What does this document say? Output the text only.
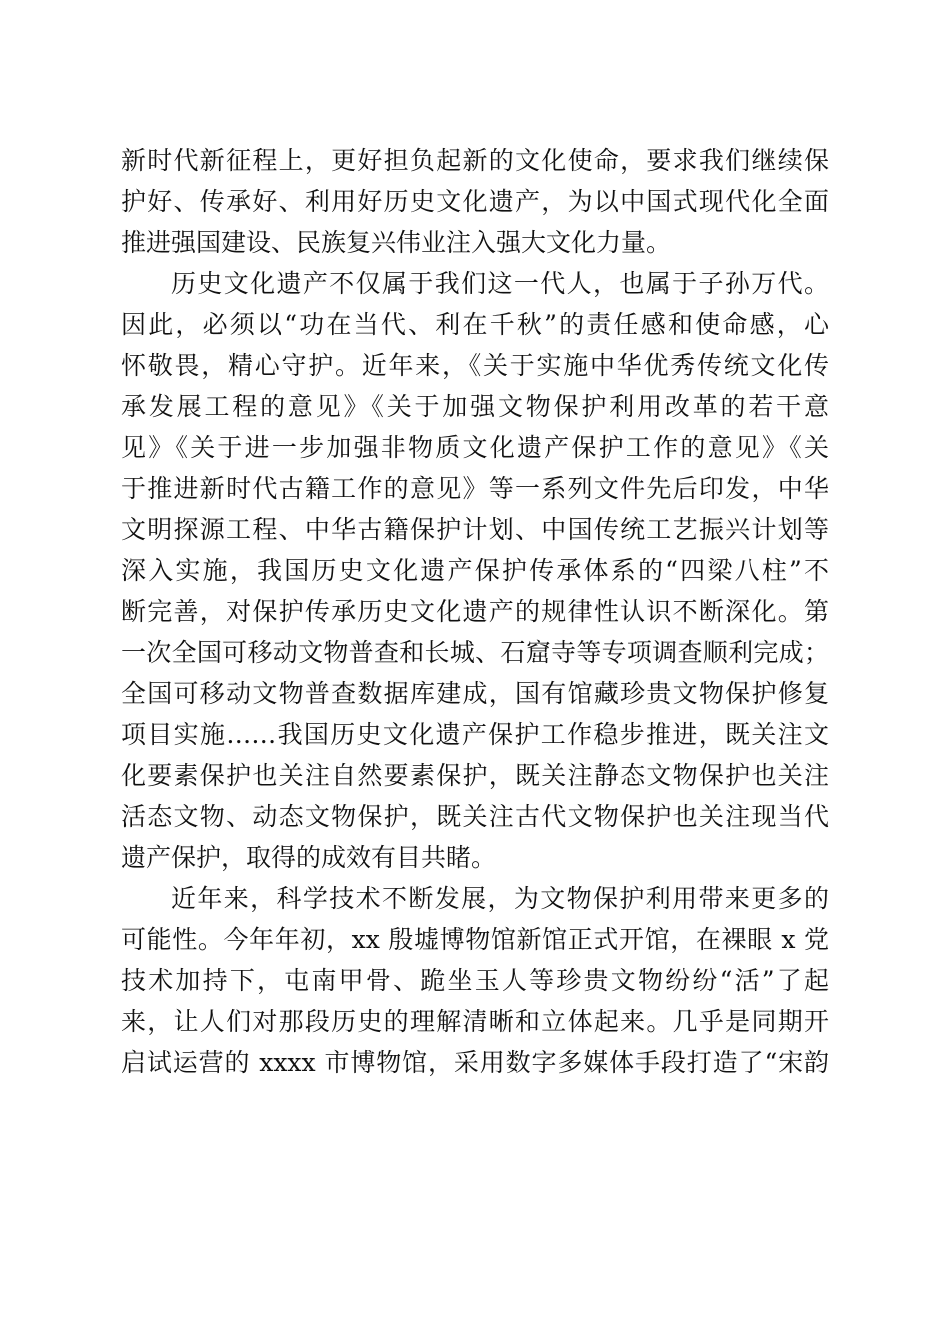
新时代新征程上，更好担负起新的文化使命，要求我们继续保
护好、传承好、利用好历史文化遗产，为以中国式现代化全面
推进强国建设、民族复兴伟业注入强大文化力量。
历史文化遗产不仅属于我们这一代人，也属于子孙万代。
因此，必须以“功在当代、利在千秋”的责任感和使命感，心
怀敬畏，精心守护。近年来，《关于实施中华优秀传统文化传
承发展工程的意见》《关于加强文物保护利用改革的若干意
见》《关于进一步加强非物质文化遗产保护工作的意见》《关
于推进新时代古籍工作的意见》等一系列文件先后印发，中华
文明探源工程、中华古籍保护计划、中国传统工艺振兴计划等
深入实施，我国历史文化遗产保护传承体系的“四梁八柱”不
断完善，对保护传承历史文化遗产的规律性认识不断深化。第
一次全国可移动文物普查和长城、石窟寺等专项调查顺利完成；
全国可移动文物普查数据库建成，国有馆藏珍贵文物保护修复
项目实施……我国历史文化遗产保护工作稳步推进，既关注文
化要素保护也关注自然要素保护，既关注静态文物保护也关注
活态文物、动态文物保护，既关注古代文物保护也关注现当代
遗产保护，取得的成效有目共睹。
近年来，科学技术不断发展，为文物保护利用带来更多的
可能性。今年年初，xx 殷墟博物馆新馆正式开馆，在裸眼 x 党
技术加持下，屯南甲骨、跪坐玉人等珍贵文物纷纷“活”了起
来，让人们对那段历史的理解清晰和立体起来。几乎是同期开
启试运营的 xxxx 市博物馆，采用数字多媒体手段打造了“宋韵
